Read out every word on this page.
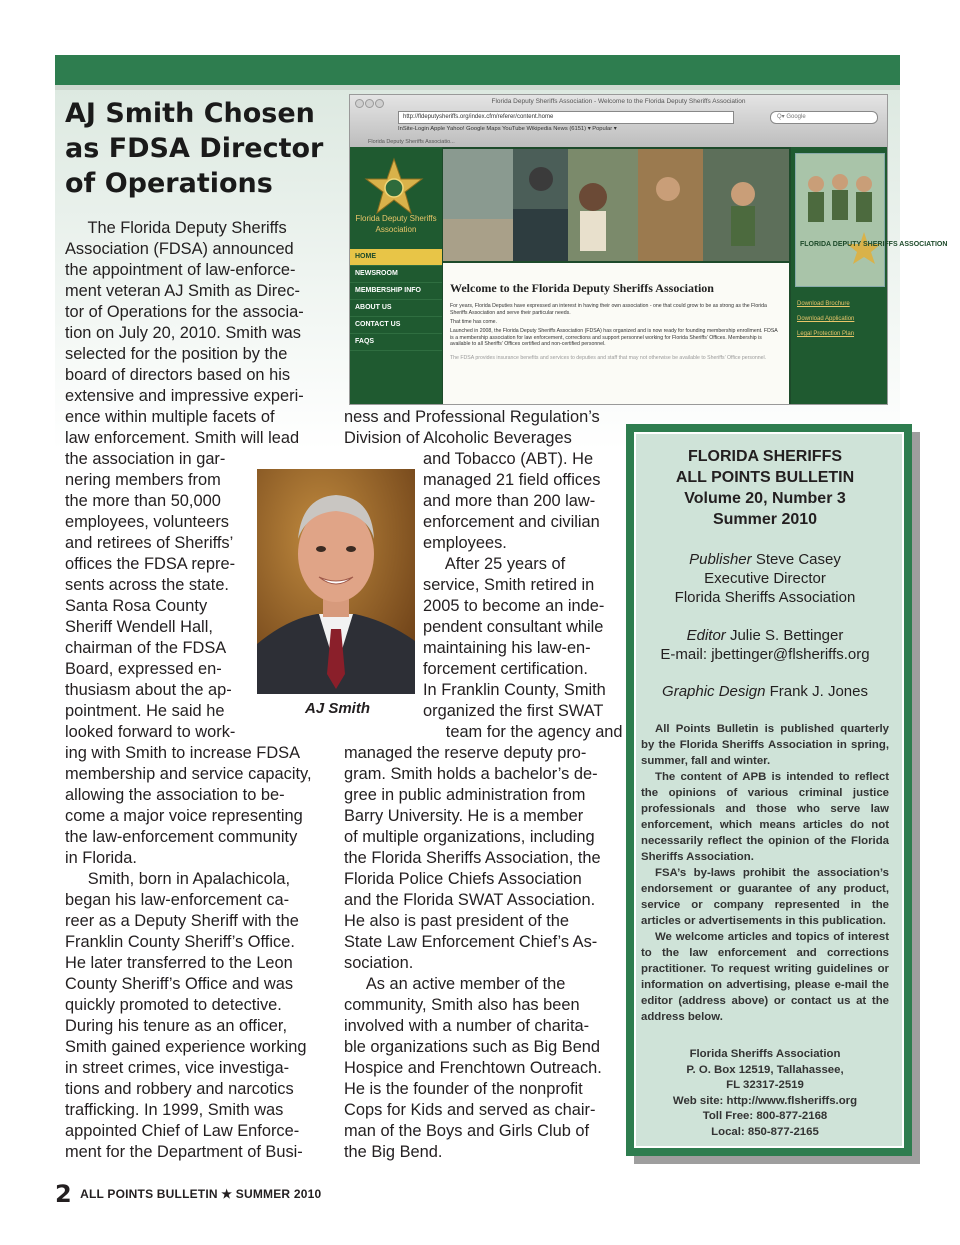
AJ Smith Chosen
as FDSA Director
of Operations
Florida Deputy Sheriffs Association - Welcome to the Florida Deputy Sheriffs Association
http://fldeputysheriffs.org/index.cfm/referer/content.home	Q▾ Google
InSite-Login Apple Yahoo! Google Maps YouTube Wikipedia News (6151) ▾ Popular ▾
Florida Deputy Sheriffs Associatio...
Florida Deputy Sheriffs Association
HOME
NEWSROOM
MEMBERSHIP INFO
ABOUT US
CONTACT US
FAQS
Welcome to the Florida Deputy Sheriffs Association
For years, Florida Deputies have expressed an interest in having their own association - one that could grow to be as strong as the Florida Sheriffs Association and serve their particular needs.
That time has come.
Launched in 2008, the Florida Deputy Sheriffs Association (FDSA) has organized and is now ready for founding membership enrollment. FDSA is a membership association for law enforcement, corrections and support personnel working for Florida Sheriffs’ Offices. Membership is available to all Sheriffs’ Offices certified and non-certified personnel.
The FDSA provides insurance benefits and services to deputies and staff that may not otherwise be available to Sheriffs’ Office personnel.
FLORIDA DEPUTY SHERIFFS ASSOCIATION
Download Brochure
Download Application
Legal Protection Plan
The Florida Deputy Sheriffs
Association (FDSA) announced
the appointment of law-enforce-
ment veteran AJ Smith as Direc-
tor of Operations for the associa-
tion on July 20, 2010. Smith was
selected for the position by the
board of directors based on his
extensive and impressive experi-
ence within multiple facets of
law enforcement. Smith will lead
the association in gar-
nering members from
the more than 50,000
employees, volunteers
and retirees of Sheriffs’
offices the FDSA repre-
sents across the state.
Santa Rosa County
Sheriff Wendell Hall,
chairman of the FDSA
Board, expressed en-
thusiasm about the ap-
pointment. He said he
looked forward to work-
ing with Smith to increase FDSA
membership and service capacity,
allowing the association to be-
come a major voice representing
the law-enforcement community
in Florida.
Smith, born in Apalachicola,
began his law-enforcement ca-
reer as a Deputy Sheriff with the
Franklin County Sheriff’s Office.
He later transferred to the Leon
County Sheriff’s Office and was
quickly promoted to detective.
During his tenure as an officer,
Smith gained experience working
in street crimes, vice investiga-
tions and robbery and narcotics
trafficking. In 1999, Smith was
appointed Chief of Law Enforce-
ment for the Department of Busi-
AJ Smith
ness and Professional Regulation’s
Division of Alcoholic Beverages
and Tobacco (ABT). He
managed 21 field offices
and more than 200 law-
enforcement and civilian
employees.
After 25 years of
service, Smith retired in
2005 to become an inde-
pendent consultant while
maintaining his law-en-
forcement certification.
In Franklin County, Smith
organized the first SWAT
team for the agency and
managed the reserve deputy pro-
gram. Smith holds a bachelor’s de-
gree in public administration from
Barry University. He is a member
of multiple organizations, including
the Florida Sheriffs Association, the
Florida Police Chiefs Association
and the Florida SWAT Association.
He also is past president of the
State Law Enforcement Chief’s As-
sociation.
As an active member of the
community, Smith also has been
involved with a number of charita-
ble organizations such as Big Bend
Hospice and Frenchtown Outreach.
He is the founder of the nonprofit
Cops for Kids and served as chair-
man of the Boys and Girls Club of
the Big Bend.
FLORIDA SHERIFFS
ALL POINTS BULLETIN
Volume 20, Number 3
Summer 2010
Publisher Steve Casey
Executive Director
Florida Sheriffs Association
Editor Julie S. Bettinger
E-mail: jbettinger@flsheriffs.org
Graphic Design Frank J. Jones

All Points Bulletin is published quarterly by the Florida Sheriffs Association in spring, summer, fall and winter.

The content of APB is intended to reflect the opinions of various criminal justice professionals and those who serve law enforcement, which means articles do not necessarily reflect the opinion of the Florida Sheriffs Association.

FSA’s by-laws prohibit the association’s endorsement or guarantee of any product, service or company represented in the articles or advertisements in this publication.

We welcome articles and topics of interest to the law enforcement and corrections practitioner. To request writing guidelines or information on advertising, please e-mail the editor (address above) or contact us at the address below.

Florida Sheriffs Association
P. O. Box 12519, Tallahassee,
FL 32317-2519
Web site: http://www.flsheriffs.org
Toll Free: 800-877-2168
Local: 850-877-2165
2 $^{ALL POINTS BULLETIN ★ SUMMER 2010}$
